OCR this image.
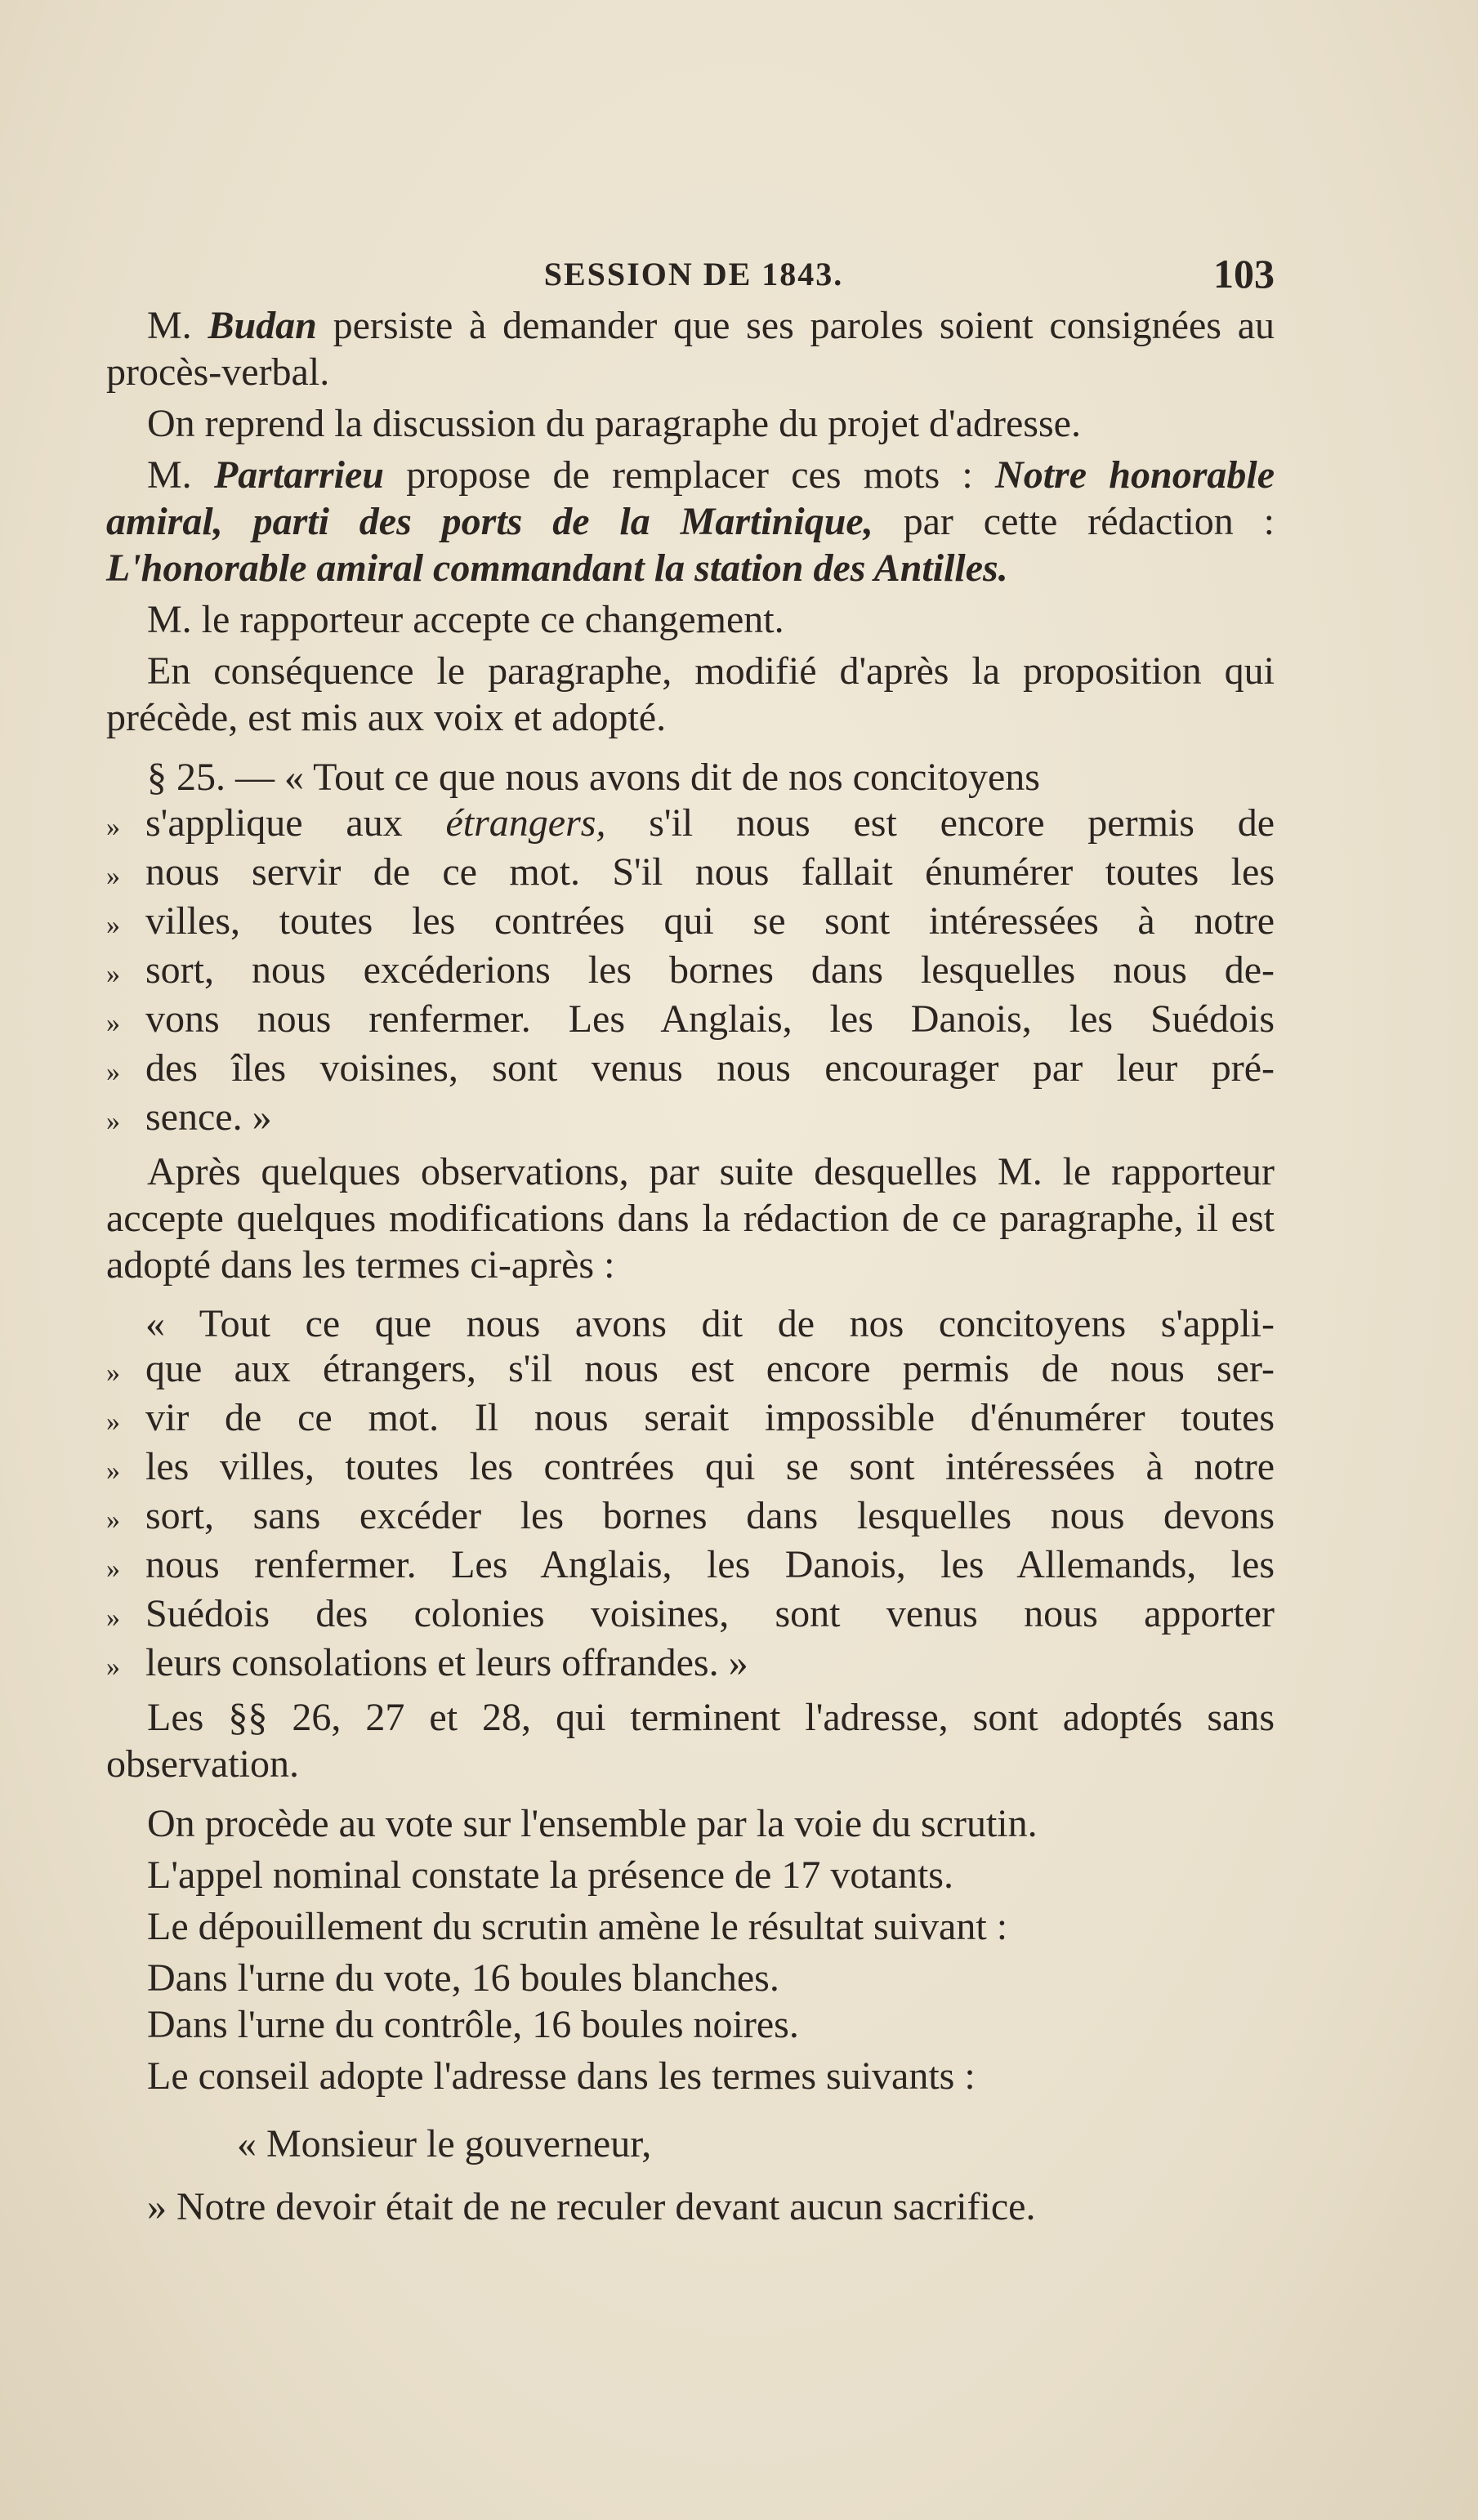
SESSION DE 1843.	103

M. Budan persiste à demander que ses paroles soient consignées au procès-verbal.

On reprend la discussion du paragraphe du projet d'adresse.

M. Partarrieu propose de remplacer ces mots : Notre honorable amiral, parti des ports de la Martinique, par cette rédaction : L'honorable amiral commandant la station des Antilles.

M. le rapporteur accepte ce changement.

En conséquence le paragraphe, modifié d'après la proposition qui précède, est mis aux voix et adopté.

§ 25. — « Tout ce que nous avons dit de nos concitoyens

» s'applique aux étrangers, s'il nous est encore permis de
» nous servir de ce mot. S'il nous fallait énumérer toutes les
» villes, toutes les contrées qui se sont intéressées à notre
» sort, nous excéderions les bornes dans lesquelles nous de-
» vons nous renfermer. Les Anglais, les Danois, les Suédois
» des îles voisines, sont venus nous encourager par leur pré-
» sence. »

Après quelques observations, par suite desquelles M. le rapporteur accepte quelques modifications dans la rédaction de ce paragraphe, il est adopté dans les termes ci-après :

« Tout ce que nous avons dit de nos concitoyens s'appli-
» que aux étrangers, s'il nous est encore permis de nous ser-
» vir de ce mot. Il nous serait impossible d'énumérer toutes
» les villes, toutes les contrées qui se sont intéressées à notre
» sort, sans excéder les bornes dans lesquelles nous devons
» nous renfermer. Les Anglais, les Danois, les Allemands, les
» Suédois des colonies voisines, sont venus nous apporter
» leurs consolations et leurs offrandes. »

Les §§ 26, 27 et 28, qui terminent l'adresse, sont adoptés sans observation.

On procède au vote sur l'ensemble par la voie du scrutin.

L'appel nominal constate la présence de 17 votants.

Le dépouillement du scrutin amène le résultat suivant :

Dans l'urne du vote, 16 boules blanches.

Dans l'urne du contrôle, 16 boules noires.

Le conseil adopte l'adresse dans les termes suivants :

« Monsieur le gouverneur,

» Notre devoir était de ne reculer devant aucun sacrifice.
